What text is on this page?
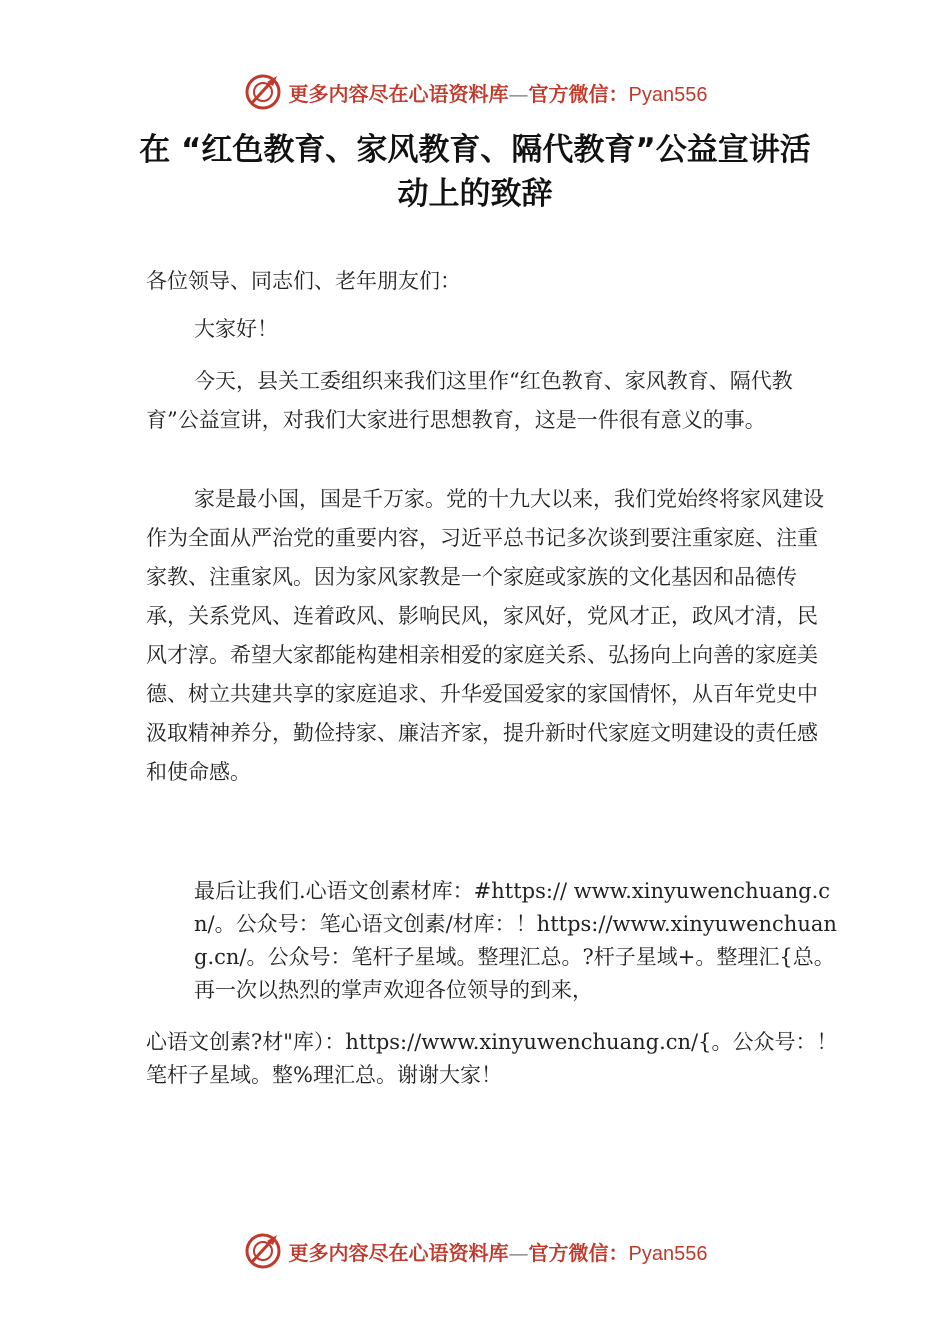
更多内容尽在心语资料库—官方微信：Pyan556
在 “红色教育、家风教育、隔代教育”公益宣讲活动上的致辞

各位领导、同志们、老年朋友们：

大家好！

今天，县关工委组织来我们这里作“红色教育、家风教育、隔代教育”公益宣讲，对我们大家进行思想教育，这是一件很有意义的事。

家是最小国，国是千万家。党的十九大以来，我们党始终将家风建设作为全面从严治党的重要内容，习近平总书记多次谈到要注重家庭、注重家教、注重家风。因为家风家教是一个家庭或家族的文化基因和品德传承，关系党风、连着政风、影响民风，家风好，党风才正，政风才清，民风才淳。希望大家都能构建相亲相爱的家庭关系、弘扬向上向善的家庭美德、树立共建共享的家庭追求、升华爱国爱家的家国情怀，从百年党史中汲取精神养分，勤俭持家、廉洁齐家，提升新时代家庭文明建设的责任感和使命感。

最后让我们.心语文创素材库：#https:// www.xinyuwenchuang.cn/。公众号：笔心语文创素/材库：！https://www.xinyuwenchuang.cn/。公众号：笔杆子星域。整理汇总。?杆子星域+。整理汇{总。再一次以热烈的掌声欢迎各位领导的到来，

心语文创素?材"库）：https://www.xinyuwenchuang.cn/{。公众号：！笔杆子星域。整%理汇总。谢谢大家！

更多内容尽在心语资料库—官方微信：Pyan556
